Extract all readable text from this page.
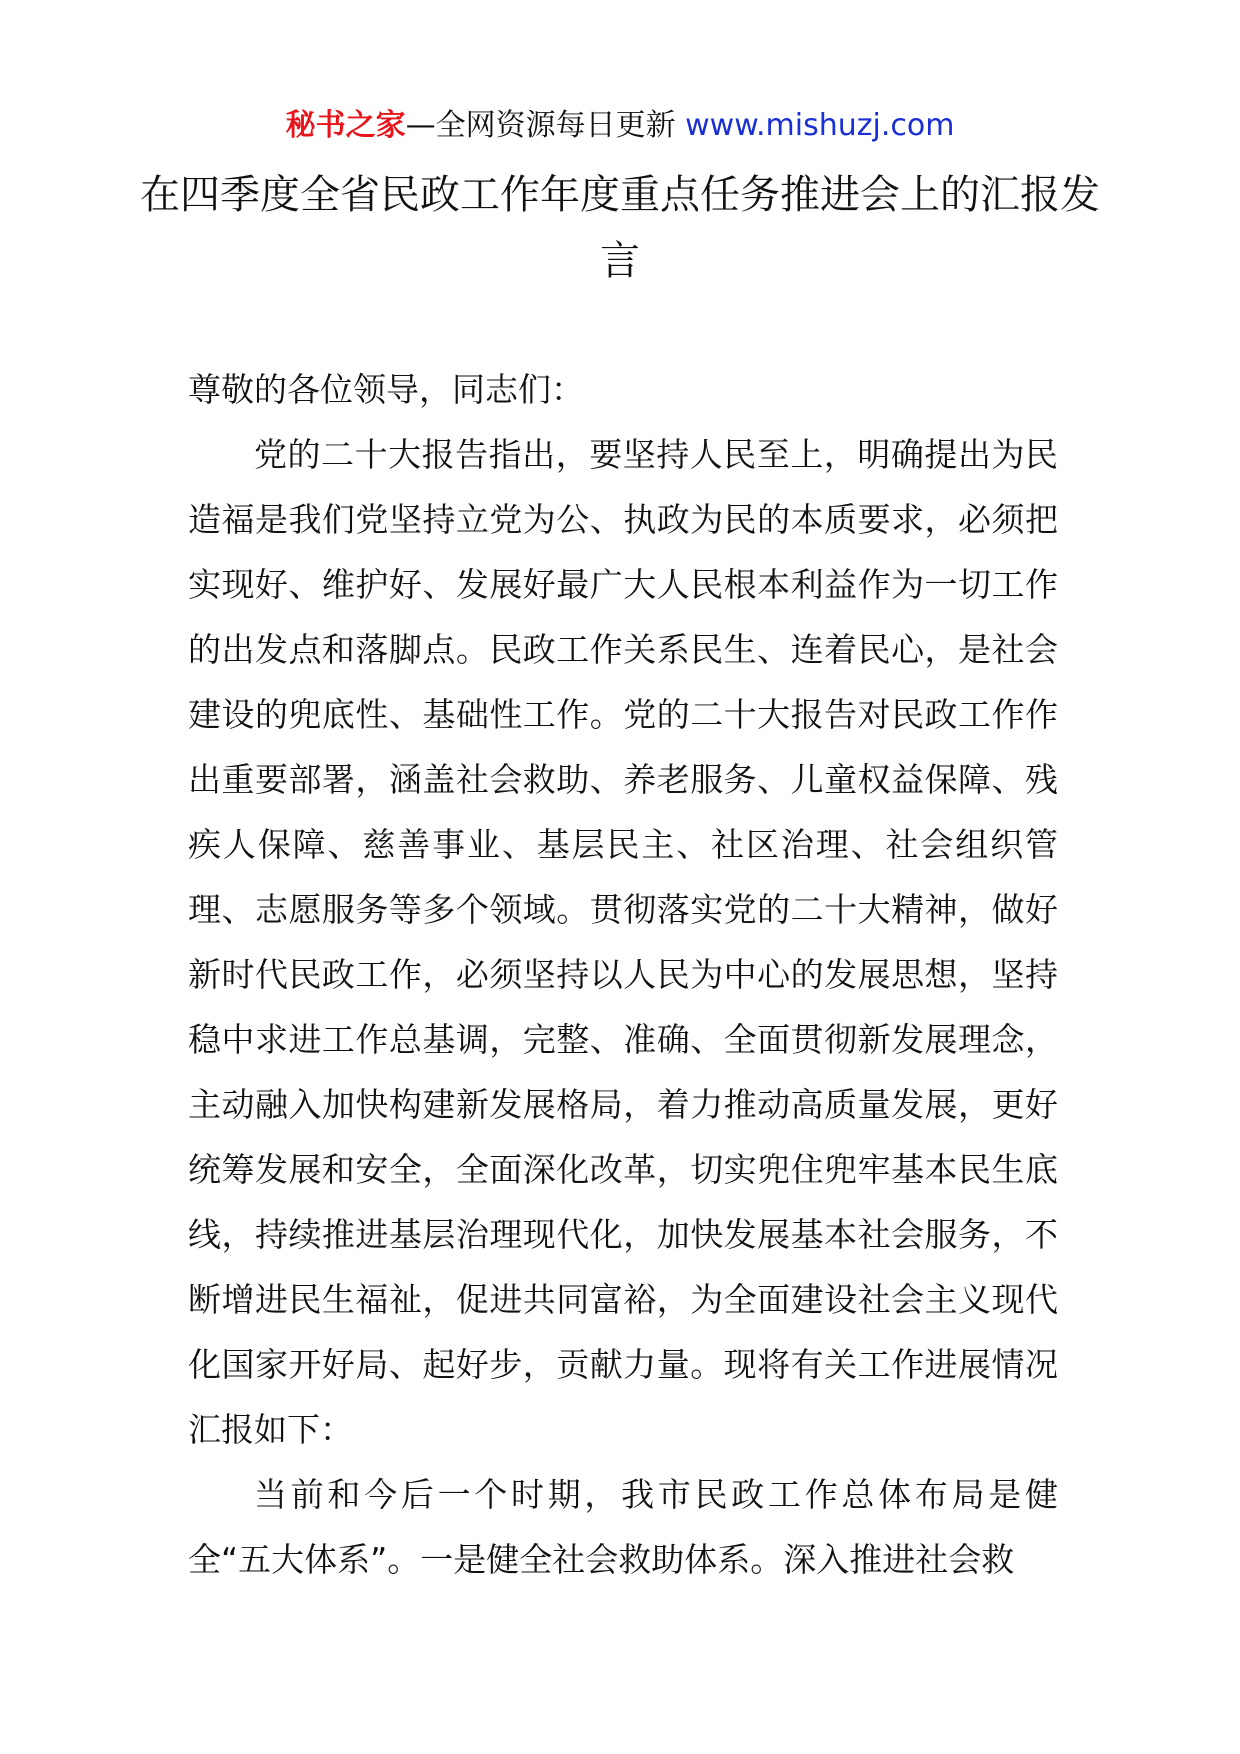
秘书之家—全网资源每日更新 www.mishuzj.com
在四季度全省民政工作年度重点任务推进会上的汇报发言

尊敬的各位领导，同志们：

党的二十大报告指出，要坚持人民至上，明确提出为民造福是我们党坚持立党为公、执政为民的本质要求，必须把实现好、维护好、发展好最广大人民根本利益作为一切工作的出发点和落脚点。民政工作关系民生、连着民心，是社会建设的兜底性、基础性工作。党的二十大报告对民政工作作出重要部署，涵盖社会救助、养老服务、儿童权益保障、残疾人保障、慈善事业、基层民主、社区治理、社会组织管理、志愿服务等多个领域。贯彻落实党的二十大精神，做好新时代民政工作，必须坚持以人民为中心的发展思想，坚持稳中求进工作总基调，完整、准确、全面贯彻新发展理念，主动融入加快构建新发展格局，着力推动高质量发展，更好统筹发展和安全，全面深化改革，切实兜住兜牢基本民生底线，持续推进基层治理现代化，加快发展基本社会服务，不断增进民生福祉，促进共同富裕，为全面建设社会主义现代化国家开好局、起好步，贡献力量。现将有关工作进展情况汇报如下：

当前和今后一个时期，我市民政工作总体布局是健全“五大体系”。一是健全社会救助体系。深入推进社会救
